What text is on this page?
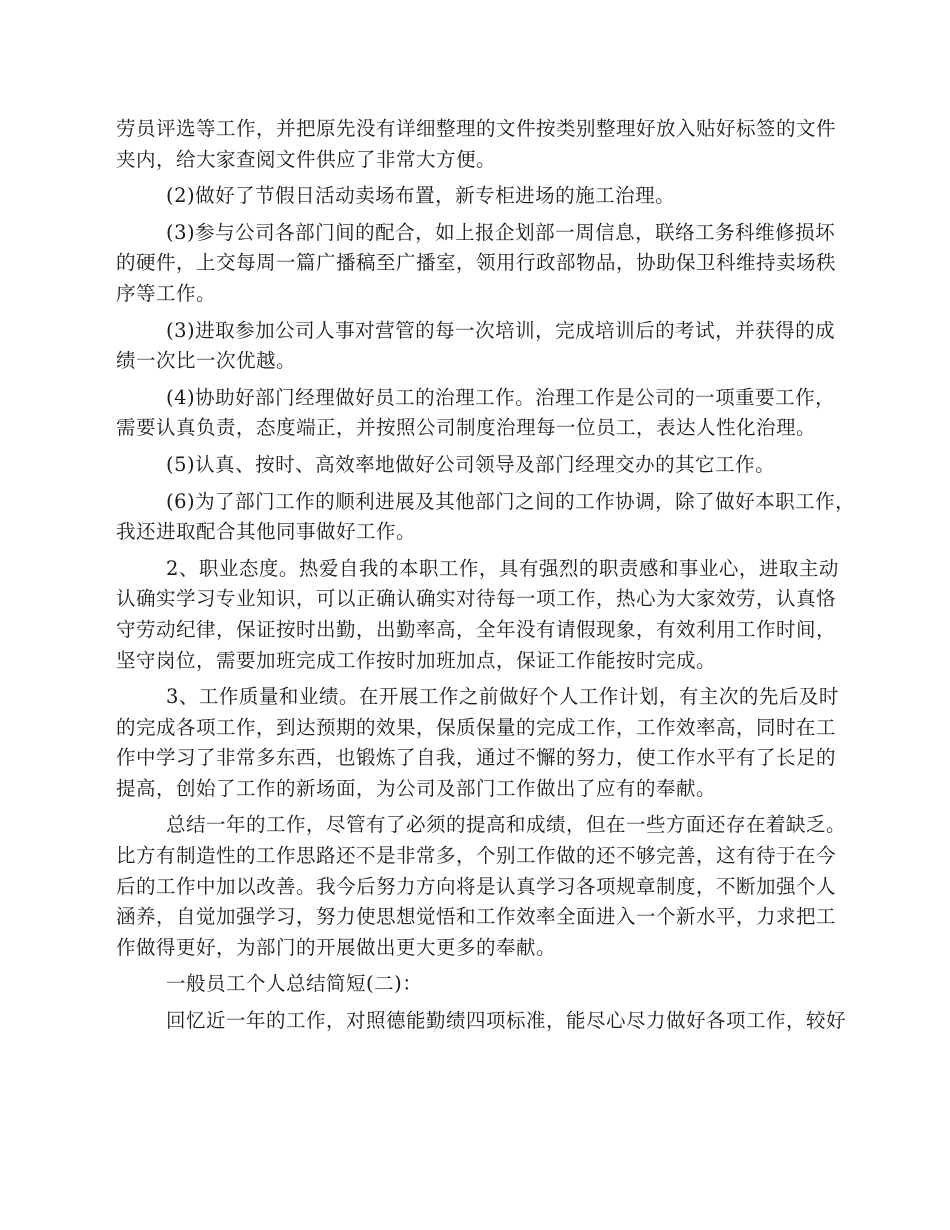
劳员评选等工作，并把原先没有详细整理的文件按类别整理好放入贴好标签的文件
夹内，给大家查阅文件供应了非常大方便。
(2)做好了节假日活动卖场布置，新专柜进场的施工治理。
(3)参与公司各部门间的配合，如上报企划部一周信息，联络工务科维修损坏
的硬件，上交每周一篇广播稿至广播室，领用行政部物品，协助保卫科维持卖场秩
序等工作。
(3)进取参加公司人事对营管的每一次培训，完成培训后的考试，并获得的成
绩一次比一次优越。
(4)协助好部门经理做好员工的治理工作。治理工作是公司的一项重要工作，
需要认真负责，态度端正，并按照公司制度治理每一位员工，表达人性化治理。
(5)认真、按时、高效率地做好公司领导及部门经理交办的其它工作。
(6)为了部门工作的顺利进展及其他部门之间的工作协调，除了做好本职工作，
我还进取配合其他同事做好工作。
2、职业态度。热爱自我的本职工作，具有强烈的职责感和事业心，进取主动
认确实学习专业知识，可以正确认确实对待每一项工作，热心为大家效劳，认真恪
守劳动纪律，保证按时出勤，出勤率高，全年没有请假现象，有效利用工作时间，
坚守岗位，需要加班完成工作按时加班加点，保证工作能按时完成。
3、工作质量和业绩。在开展工作之前做好个人工作计划，有主次的先后及时
的完成各项工作，到达预期的效果，保质保量的完成工作，工作效率高，同时在工
作中学习了非常多东西，也锻炼了自我，通过不懈的努力，使工作水平有了长足的
提高，创始了工作的新场面，为公司及部门工作做出了应有的奉献。
总结一年的工作，尽管有了必须的提高和成绩，但在一些方面还存在着缺乏。
比方有制造性的工作思路还不是非常多，个别工作做的还不够完善，这有待于在今
后的工作中加以改善。我今后努力方向将是认真学习各项规章制度，不断加强个人
涵养，自觉加强学习，努力使思想觉悟和工作效率全面进入一个新水平，力求把工
作做得更好，为部门的开展做出更大更多的奉献。
一般员工个人总结简短(二)：
回忆近一年的工作，对照德能勤绩四项标准，能尽心尽力做好各项工作，较好
